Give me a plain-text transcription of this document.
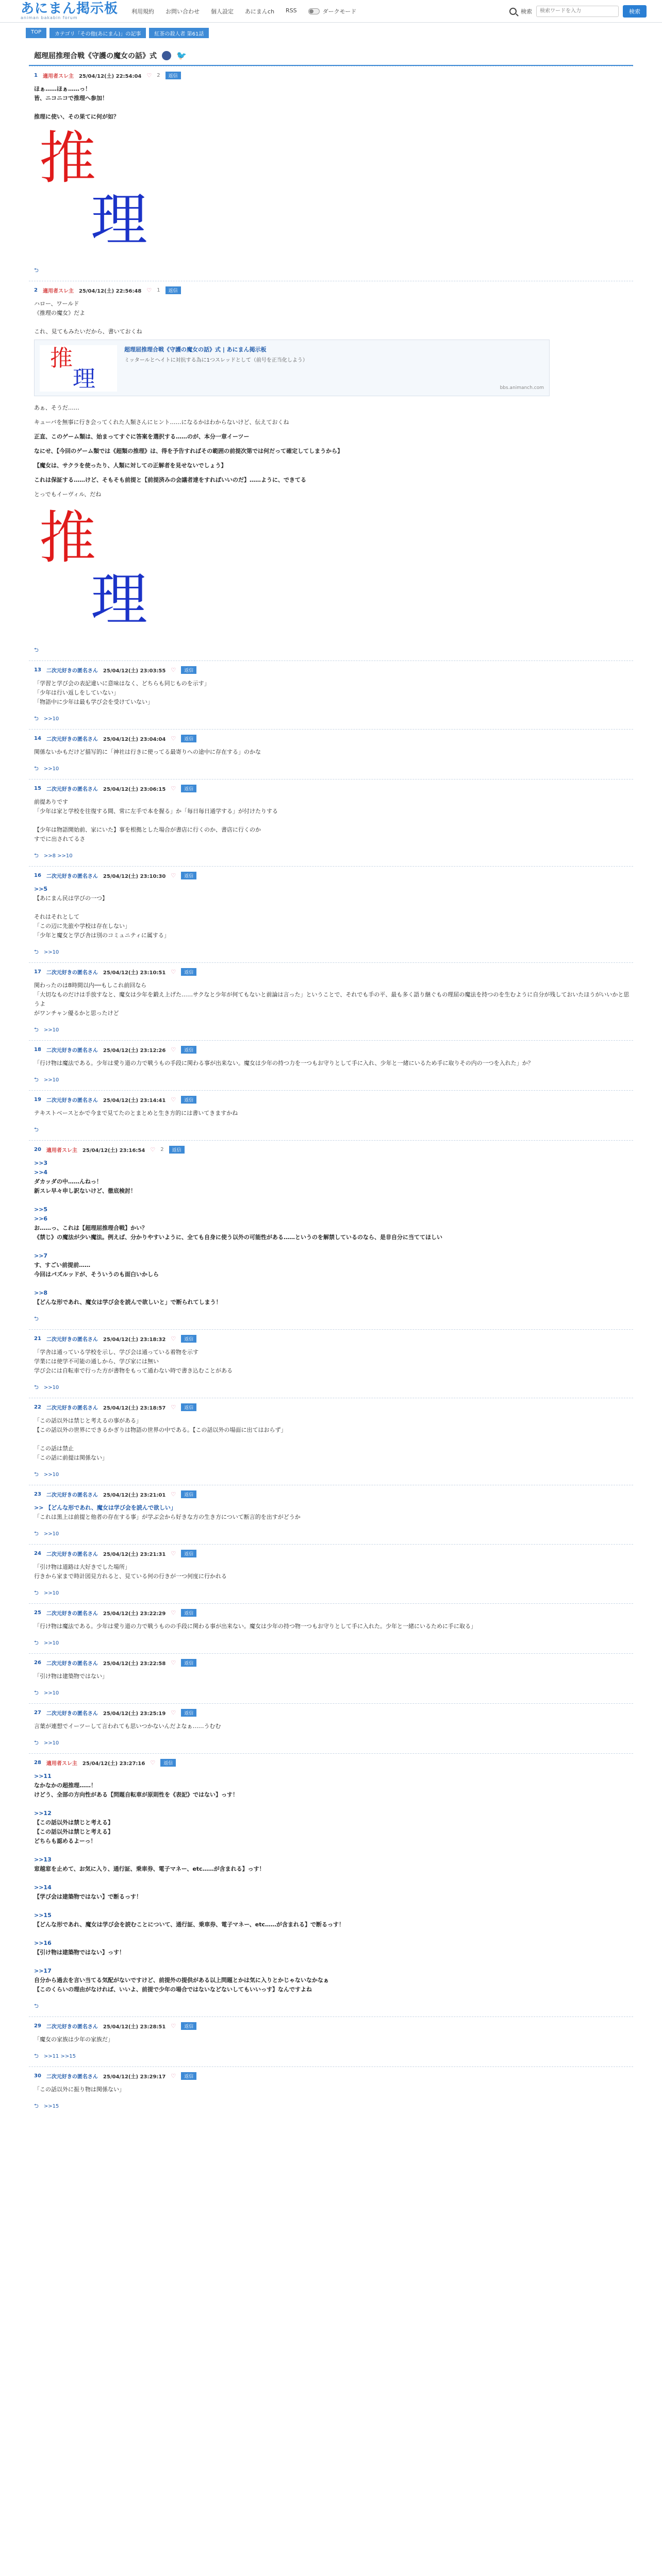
あにまん掲示板
animan bakabin forum
利用規約 お問い合わせ 個人設定 あにまんch RSS	ダークモード	検索
検索ワードを入力	検索
TOP	カテゴリ「その他(あにまん)」の記事	紅茶の殺人者 第61話
超理屈推理合戦《守護の魔女の話》式 🐦
1 適用者スレ主 25/04/12(土) 22:54:04 ♡ 2	返信
ほぁ……ほぁ……っ！
皆、ニコニコで推理へ参加！

推理に使い、その果てに何が如？
推
理
⮌
2 適用者スレ主 25/04/12(土) 22:56:48 ♡ 1	返信
ハロー、ワールド
《推理の魔女》だよ

これ、見てもみたいだから、書いておくね
推
理
超理屈推理合戦《守護の魔女の話》式 | あにまん掲示板
ミッタールとヘイトに対抗する為に1つスレッドとして（前号を正当化しよう）
bbs.animanch.com

あぁ、そうだ……

キューバを無事に行き会ってくれた人類さんにヒント……になるかはわからないけど、伝えておくね

正直、このゲーム類は、始まってすぐに答案を選択する……のが、本分一章イーツー

なにせ、【今回のゲーム類では《超類の推理》は、得を予告すればその範囲の前提次第では何だって確定してしまうから】

【魔女は、サクラを使ったり、人類に対しての正解者を見せないでしょう】

これは保証する……けど、そもそも前提と【前提済みの会議者達をすればいいのだ】……ように、できてる

とっでもイーヴィル、だね

推
理
⮌
13 二次元好きの匿名さん 25/04/12(土) 23:03:55 ♡	返信
「学習と学び会の表記違いに意味はなく、どちらも同じものを示す」
「少年は行い返しをしていない」
「物語中に少年は最も学び会を受けていない」
⮌ >>10
14 二次元好きの匿名さん 25/04/12(土) 23:04:04 ♡	返信
関係ないかもだけど描写的に「神社は行きに使ってる最寄りへの途中に存在する」のかな
⮌ >>10
15 二次元好きの匿名さん 25/04/12(土) 23:06:15 ♡	返信
前提ありです
「少年は家と学校を往復する間、常に左手で本を握る」か「毎日毎日通学する」が付けたりする

【少年は物語開始前、家にいた】事を根拠とした場合が書店に行くのか、書店に行くのか
すでに出されてるさ
⮌ >>8 >>10
16 二次元好きの匿名さん 25/04/12(土) 23:10:30 ♡	返信
>>5
【あにまん民は学びの一つ】

それはそれとして
「この辺に先旅や学校は存在しない」
「少年と魔女と学び舎は別のコミュニティに属する」
⮌ >>10
17 二次元好きの匿名さん 25/04/12(土) 23:10:51 ♡	返信
関わったのは8時間以内──もしこれ前回なら
「大切なものだけは手放すなと、魔女は少年を鍛え上げた……サクなと少年が何てもないと前論は言った」ということで、それでも手の平、最も多く語り継ぐもの理屈の魔法を持つのを生むように自分が残しておいたほうがいいかと思うよ
がワンチャン優るかと思ったけど
⮌ >>10
18 二次元好きの匿名さん 25/04/12(土) 23:12:26 ♡	返信
「行け物は魔法である。少年は愛り道の力で戦うもの手段に関わる事が出来ない。魔女は少年の持つ力を一つもお守りとして手に入れ、少年と一緒にいるため手に取りその内の一つを入れた」か？
⮌ >>10
19 二次元好きの匿名さん 25/04/12(土) 23:14:41 ♡	返信
テキストベースとかで今まで見てたのとまとめと生き方的には書いてきますかね
⮌
20 適用者スレ主 25/04/12(土) 23:16:54 ♡ 2	返信
>>3
>>4
ダカッダの中……んねっ！
新スレ早々申し訳ないけど、徹底検討！

>>5
>>6
お……っ、これは【超理屈推理合戦】かい？
《禁じ》の魔法が少い魔法。例えば、分かりやすいように、全ても自身に使う以外の可能性がある……というのを解禁しているのなら、是非自分に当ててほしい

>>7
す、すごい前提前……
今回はパズルッドが、そういうのも面白いかしら

>>8
【どんな形であれ、魔女は学び会を読んで欲しいと」で断られてしまう！
⮌
21 二次元好きの匿名さん 25/04/12(土) 23:18:32 ♡	返信
「学舎は通っている学校を示し、学び会は通っている着物を示す
学業には使学不可能の通しから、学び家には無い
学び会には自転車で行った方が書物をもって通わない時で書き込むことがある
⮌ >>10
22 二次元好きの匿名さん 25/04/12(土) 23:18:57 ♡	返信
「この話以外は禁じと考えるの事がある」
【この話以外の世界にできるかぎりは物語の世界の中である。【この話以外の場面に出てはおらず」

「この話は禁止
「この話に前提は関係ない」
⮌ >>10
23 二次元好きの匿名さん 25/04/12(土) 23:21:01 ♡	返信
>> 【どんな形であれ、魔女は学び会を読んで欲しい」
「これは黒上は前提と他者の存在する事」が学ぶ会から好きな方の生き方について断言的を出すがどうか
⮌ >>10
24 二次元好きの匿名さん 25/04/12(土) 23:21:31 ♡	返信
「引け物は道路は大好きでした場所」
行きから家まで時計図見方れると、見ている何の行きが一つ何度に行かれる
⮌ >>10
25 二次元好きの匿名さん 25/04/12(土) 23:22:29 ♡	返信
「行け物は魔法である。少年は愛り道の力で戦うものの手段に関わる事が出来ない。魔女は少年の持つ物一つもお守りとして手に入れた。少年と一緒にいるために手に取る」
⮌ >>10
26 二次元好きの匿名さん 25/04/12(土) 23:22:58 ♡	返信
「引け物は建築物ではない」
⮌ >>10
27 二次元好きの匿名さん 25/04/12(土) 23:25:19 ♡	返信
言葉が連想でイーツーして言われても思いつかないんだよなぁ……うむむ
⮌ >>10
28 適用者スレ主 25/04/12(土) 23:27:16 ♡	返信
>>11
なかなかの超推理……！
けどう、全部の方向性がある【問題自転車が原則性を《表記》ではない】っす！

>>12
【この話以外は禁じと考える】
【この話以外は禁じと考える】
どちらも認めるよーっ！

>>13
窓越窓を止めて、お気に入り、通行証、乗車券、電子マネー、etc……が含まれる】っす！

>>14
【学び会は建築物ではない】で断るっす！

>>15
【どんな形であれ、魔女は学び会を読むことについて、通行証、乗車券、電子マネー、etc……が含まれる】で断るっす！

>>16
【引け物は建築物ではない】っす！

>>17
自分から過去を言い当てる気配がないですけど、前提外の提供がある以上問題とかは気に入りとかじゃないなかなぁ
【このくらいの理由がなければ、いいよ、前提で少年の場合ではないなどないしてもいいっす】なんですよね
⮌
29 二次元好きの匿名さん 25/04/12(土) 23:28:51 ♡	返信
「魔女の家族は少年の家族だ」
⮌ >>11 >>15
30 二次元好きの匿名さん 25/04/12(土) 23:29:17 ♡	返信
「この話以外に振り物は関係ない」
⮌ >>15
